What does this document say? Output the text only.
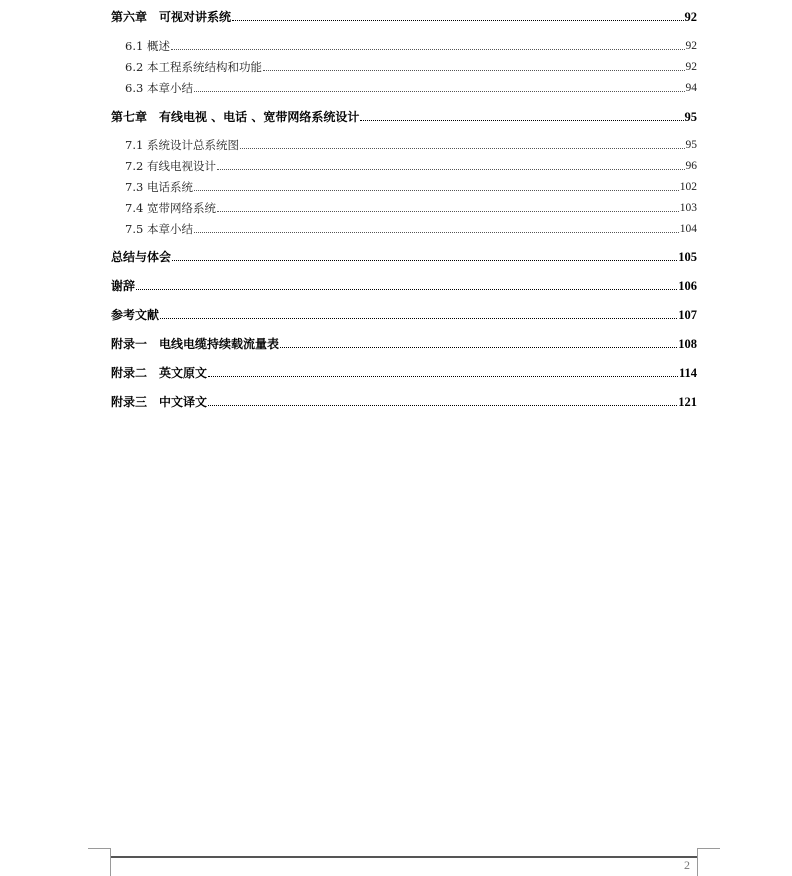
第六章　可视对讲系统	92
6.1 概述	92
6.2 本工程系统结构和功能	92
6.3 本章小结	94
第七章　有线电视 、电话 、宽带网络系统设计	95
7.1 系统设计总系统图	95
7.2 有线电视设计	96
7.3 电话系统	102
7.4 宽带网络系统	103
7.5 本章小结	104
总结与体会	105
谢辞	106
参考文献	107
附录一　电线电缆持续载流量表	108
附录二　英文原文	114
附录三　中文译文	121
2
